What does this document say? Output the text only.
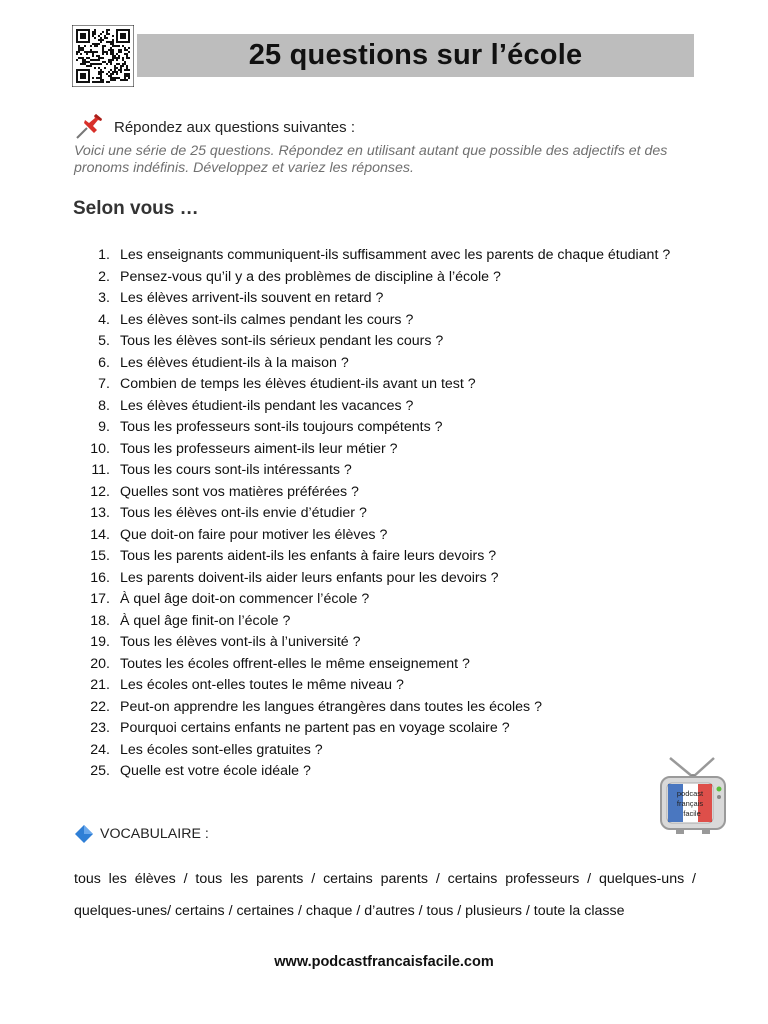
25 questions sur l’école
Répondez aux questions suivantes :
Voici une série de 25 questions. Répondez en utilisant autant que possible des adjectifs et des pronoms indéfinis. Développez et variez les réponses.
Selon vous …
1. Les enseignants communiquent-ils suffisamment avec les parents de chaque étudiant ?
2. Pensez-vous qu’il y a des problèmes de discipline à l’école ?
3. Les élèves arrivent-ils souvent en retard ?
4. Les élèves sont-ils calmes pendant les cours ?
5. Tous les élèves sont-ils sérieux pendant les cours ?
6. Les élèves étudient-ils à la maison ?
7. Combien de temps les élèves étudient-ils avant un test ?
8. Les élèves étudient-ils pendant les vacances ?
9. Tous les professeurs sont-ils toujours compétents ?
10. Tous les professeurs aiment-ils leur métier ?
11. Tous les cours sont-ils intéressants ?
12. Quelles sont vos matières préférées ?
13. Tous les élèves ont-ils envie d’étudier ?
14. Que doit-on faire pour motiver les élèves ?
15. Tous les parents aident-ils les enfants à faire leurs devoirs ?
16. Les parents doivent-ils aider leurs enfants pour les devoirs ?
17. À quel âge doit-on commencer l’école ?
18. À quel âge finit-on l’école ?
19. Tous les élèves vont-ils à l’université ?
20. Toutes les écoles offrent-elles le même enseignement ?
21. Les écoles ont-elles toutes le même niveau ?
22. Peut-on apprendre les langues étrangères dans toutes les écoles ?
23. Pourquoi certains enfants ne partent pas en voyage scolaire ?
24. Les écoles sont-elles gratuites ?
25. Quelle est votre école idéale ?
podcast
français
facile
VOCABULAIRE :

tous les élèves / tous les parents / certains parents / certains professeurs / quelques-uns / quelques-unes/ certains / certaines / chaque / d’autres / tous / plusieurs / toute la classe

www.podcastfrancaisfacile.com
